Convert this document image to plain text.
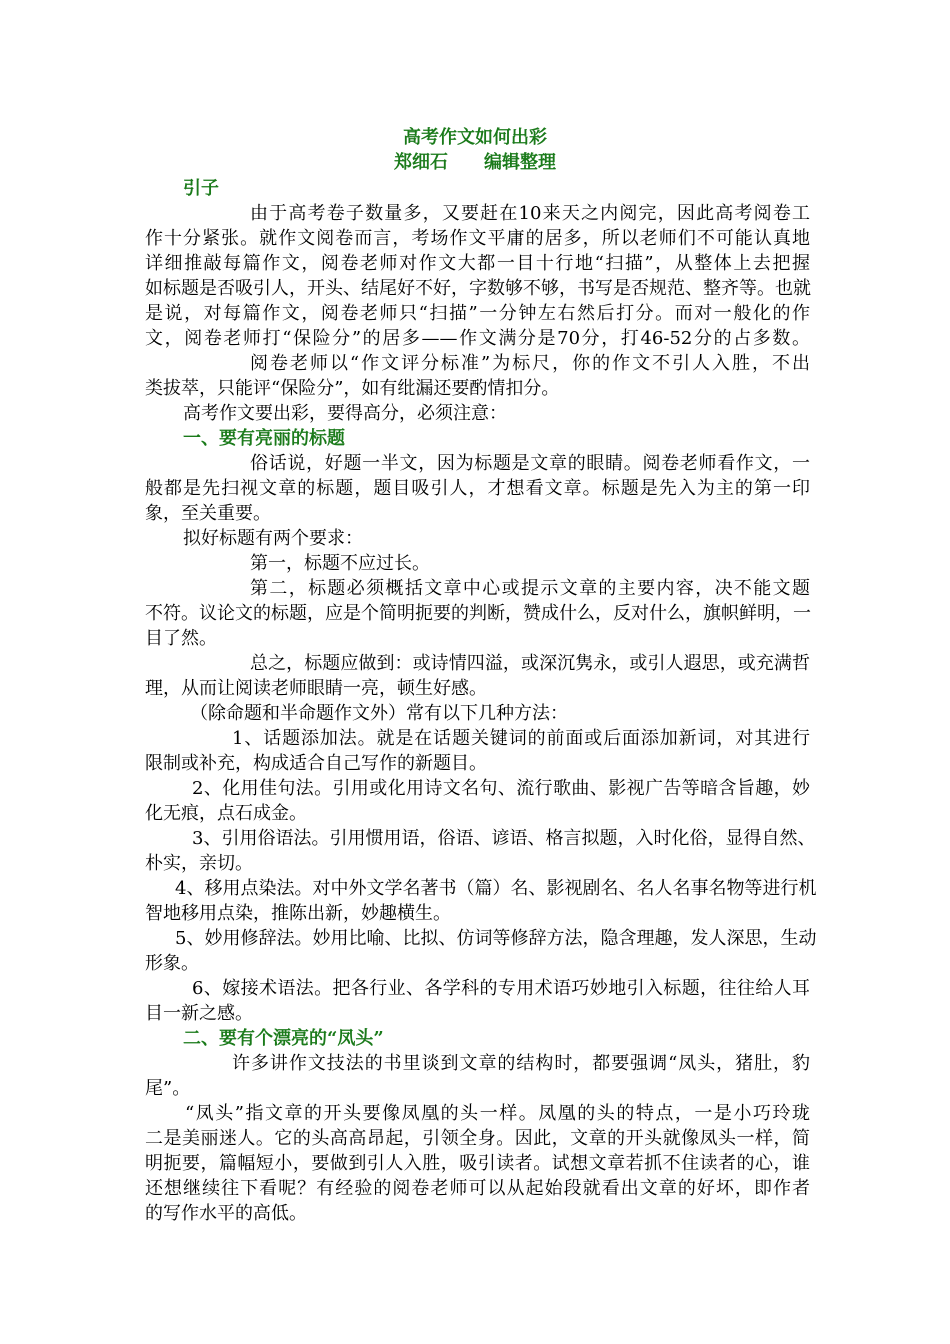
高考作文如何出彩
郑细石　　编辑整理
引子
由于高考卷子数量多，又要赶在10来天之内阅完，因此高考阅卷工
作十分紧张。就作文阅卷而言，考场作文平庸的居多，所以老师们不可能认真地
详细推敲每篇作文，阅卷老师对作文大都一目十行地“扫描”，从整体上去把握
如标题是否吸引人，开头、结尾好不好，字数够不够，书写是否规范、整齐等。也就
是说，对每篇作文，阅卷老师只“扫描”一分钟左右然后打分。而对一般化的作
文，阅卷老师打“保险分”的居多——作文满分是70分，打46-52分的占多数。
阅卷老师以“作文评分标准”为标尺，你的作文不引人入胜，不出
类拔萃，只能评“保险分”，如有纰漏还要酌情扣分。
高考作文要出彩，要得高分，必须注意：
一、要有亮丽的标题
俗话说，好题一半文，因为标题是文章的眼睛。阅卷老师看作文，一
般都是先扫视文章的标题，题目吸引人，才想看文章。标题是先入为主的第一印
象，至关重要。
拟好标题有两个要求：
第一，标题不应过长。
第二，标题必须概括文章中心或提示文章的主要内容，决不能文题
不符。议论文的标题，应是个简明扼要的判断，赞成什么，反对什么，旗帜鲜明，一
目了然。
总之，标题应做到：或诗情四溢，或深沉隽永，或引人遐思，或充满哲
理，从而让阅读老师眼睛一亮，顿生好感。
（除命题和半命题作文外）常有以下几种方法：
1、话题添加法。就是在话题关键词的前面或后面添加新词，对其进行
限制或补充，构成适合自己写作的新题目。
2、化用佳句法。引用或化用诗文名句、流行歌曲、影视广告等暗含旨趣，妙
化无痕，点石成金。
3、引用俗语法。引用惯用语，俗语、谚语、格言拟题，入时化俗，显得自然、
朴实，亲切。
4、移用点染法。对中外文学名著书（篇）名、影视剧名、名人名事名物等进行机
智地移用点染，推陈出新，妙趣横生。
5、妙用修辞法。妙用比喻、比拟、仿词等修辞方法，隐含理趣，发人深思，生动
形象。
6、嫁接术语法。把各行业、各学科的专用术语巧妙地引入标题，往往给人耳
目一新之感。
二、要有个漂亮的“凤头”
许多讲作文技法的书里谈到文章的结构时，都要强调“凤头，猪肚，豹
尾”。
“凤头”指文章的开头要像凤凰的头一样。凤凰的头的特点，一是小巧玲珑
二是美丽迷人。它的头高高昂起，引领全身。因此，文章的开头就像凤头一样，简
明扼要，篇幅短小，要做到引人入胜，吸引读者。试想文章若抓不住读者的心，谁
还想继续往下看呢？有经验的阅卷老师可以从起始段就看出文章的好坏，即作者
的写作水平的高低。
